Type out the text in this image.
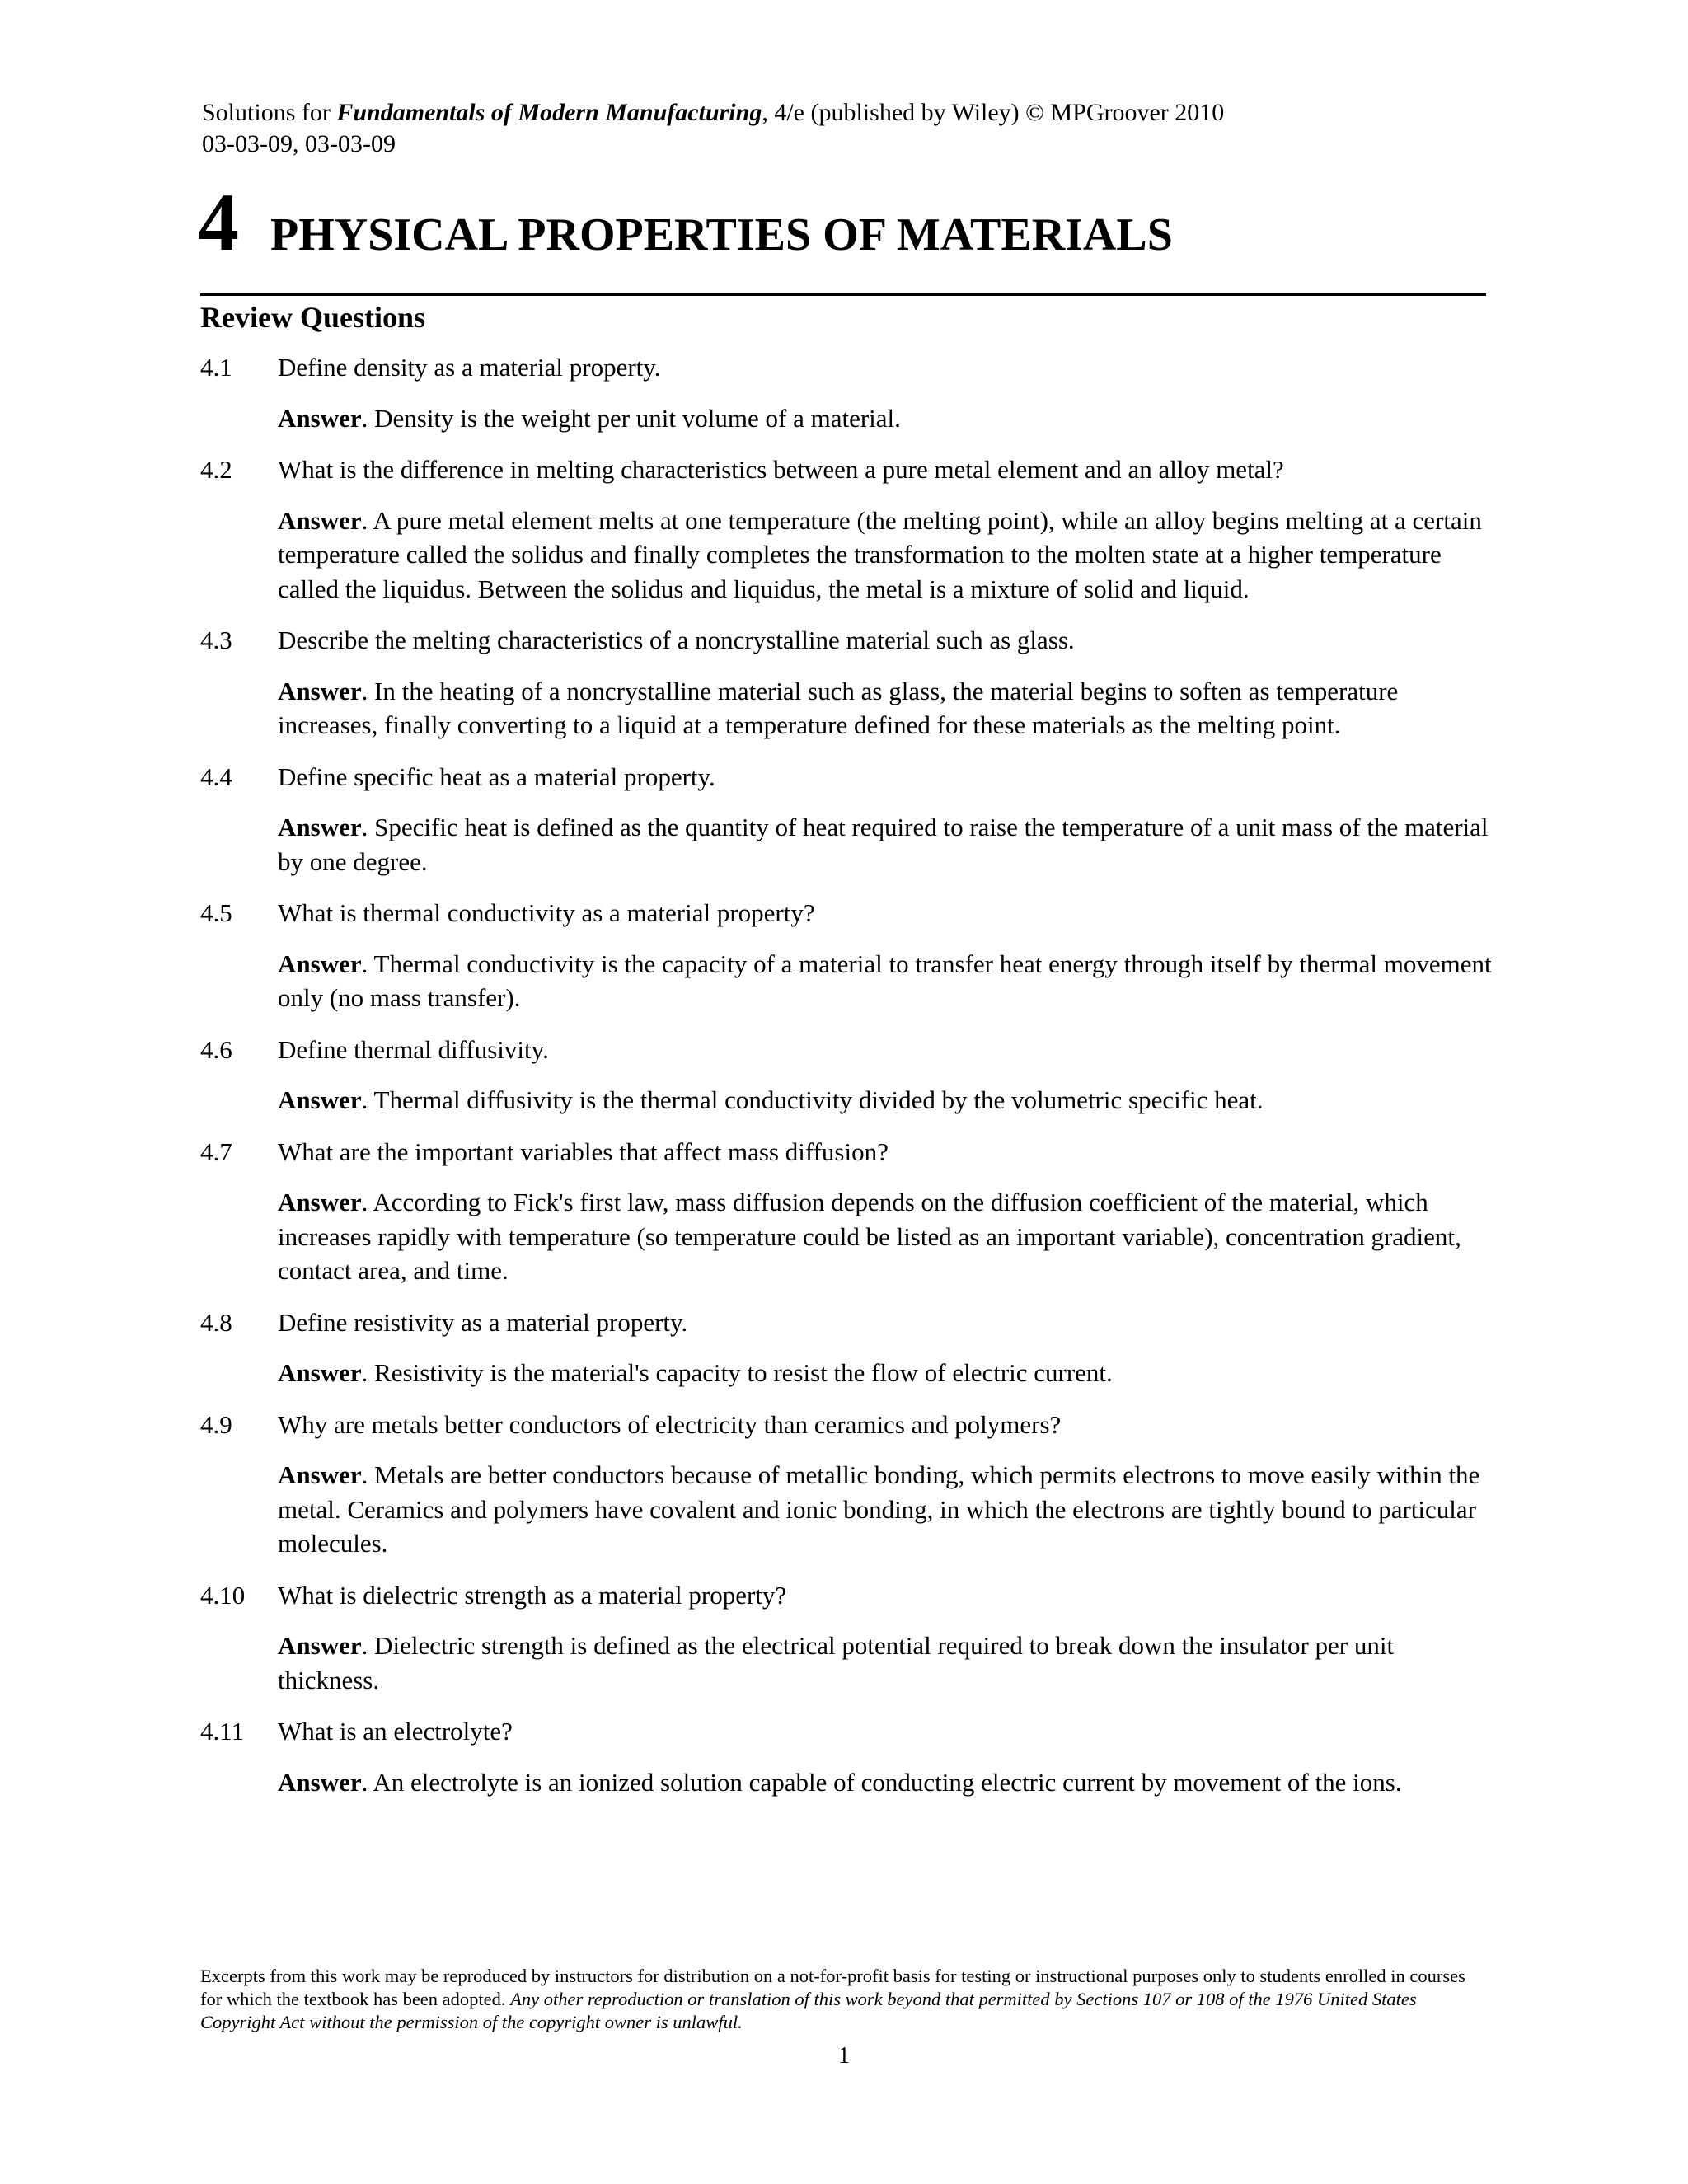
Solutions for Fundamentals of Modern Manufacturing, 4/e (published by Wiley) © MPGroover 2010
03-03-09, 03-03-09
4 PHYSICAL PROPERTIES OF MATERIALS
Review Questions
4.1	Define density as a material property.
Answer. Density is the weight per unit volume of a material.
4.2	What is the difference in melting characteristics between a pure metal element and an alloy metal?
Answer. A pure metal element melts at one temperature (the melting point), while an alloy begins melting at a certain temperature called the solidus and finally completes the transformation to the molten state at a higher temperature called the liquidus. Between the solidus and liquidus, the metal is a mixture of solid and liquid.
4.3	Describe the melting characteristics of a noncrystalline material such as glass.
Answer. In the heating of a noncrystalline material such as glass, the material begins to soften as temperature increases, finally converting to a liquid at a temperature defined for these materials as the melting point.
4.4	Define specific heat as a material property.
Answer. Specific heat is defined as the quantity of heat required to raise the temperature of a unit mass of the material by one degree.
4.5	What is thermal conductivity as a material property?
Answer. Thermal conductivity is the capacity of a material to transfer heat energy through itself by thermal movement only (no mass transfer).
4.6	Define thermal diffusivity.
Answer. Thermal diffusivity is the thermal conductivity divided by the volumetric specific heat.
4.7	What are the important variables that affect mass diffusion?
Answer. According to Fick's first law, mass diffusion depends on the diffusion coefficient of the material, which increases rapidly with temperature (so temperature could be listed as an important variable), concentration gradient, contact area, and time.
4.8	Define resistivity as a material property.
Answer. Resistivity is the material's capacity to resist the flow of electric current.
4.9	Why are metals better conductors of electricity than ceramics and polymers?
Answer. Metals are better conductors because of metallic bonding, which permits electrons to move easily within the metal. Ceramics and polymers have covalent and ionic bonding, in which the electrons are tightly bound to particular molecules.
4.10	What is dielectric strength as a material property?
Answer. Dielectric strength is defined as the electrical potential required to break down the insulator per unit thickness.
4.11	What is an electrolyte?
Answer. An electrolyte is an ionized solution capable of conducting electric current by movement of the ions.
Excerpts from this work may be reproduced by instructors for distribution on a not-for-profit basis for testing or instructional purposes only to students enrolled in courses for which the textbook has been adopted. Any other reproduction or translation of this work beyond that permitted by Sections 107 or 108 of the 1976 United States Copyright Act without the permission of the copyright owner is unlawful.
1
